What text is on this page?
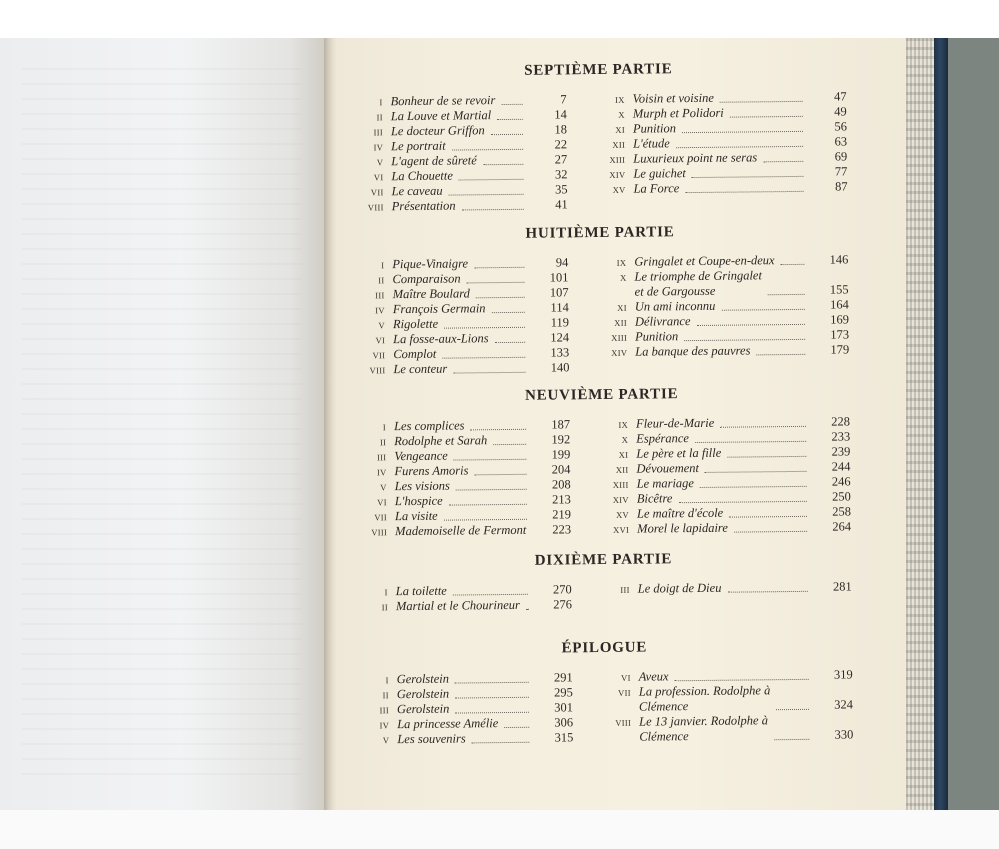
SEPTIÈME PARTIE
I Bonheur de se revoir	7
II La Louve et Martial	14
III Le docteur Griffon	18
IV Le portrait	22
V L'agent de sûreté	27
VI La Chouette	32
VII Le caveau	35
VIII Présentation	41
IX Voisin et voisine	47
X Murph et Polidori	49
XI Punition	56
XII L'étude	63
XIII Luxurieux point ne seras	69
XIV Le guichet	77
XV La Force	87
HUITIÈME PARTIE
I Pique-Vinaigre	94
II Comparaison	101
III Maître Boulard	107
IV François Germain	114
V Rigolette	119
VI La fosse-aux-Lions	124
VII Complot	133
VIII Le conteur	140
IX Gringalet et Coupe-en-deux	146
X Le triomphe de Gringalet
et de Gargousse	155
XI Un ami inconnu	164
XII Délivrance	169
XIII Punition	173
XIV La banque des pauvres	179
NEUVIÈME PARTIE
I Les complices	187
II Rodolphe et Sarah	192
III Vengeance	199
IV Furens Amoris	204
V Les visions	208
VI L'hospice	213
VII La visite	219
VIII Mademoiselle de Fermont	223
IX Fleur-de-Marie	228
X Espérance	233
XI Le père et la fille	239
XII Dévouement	244
XIII Le mariage	246
XIV Bicêtre	250
XV Le maître d'école	258
XVI Morel le lapidaire	264
DIXIÈME PARTIE
I La toilette	270
II Martial et le Chourineur	276
III Le doigt de Dieu	281
ÉPILOGUE
I Gerolstein	291
II Gerolstein	295
III Gerolstein	301
IV La princesse Amélie	306
V Les souvenirs	315
VI Aveux	319
VII La profession. Rodolphe à
Clémence	324
VIII Le 13 janvier. Rodolphe à
Clémence	330
